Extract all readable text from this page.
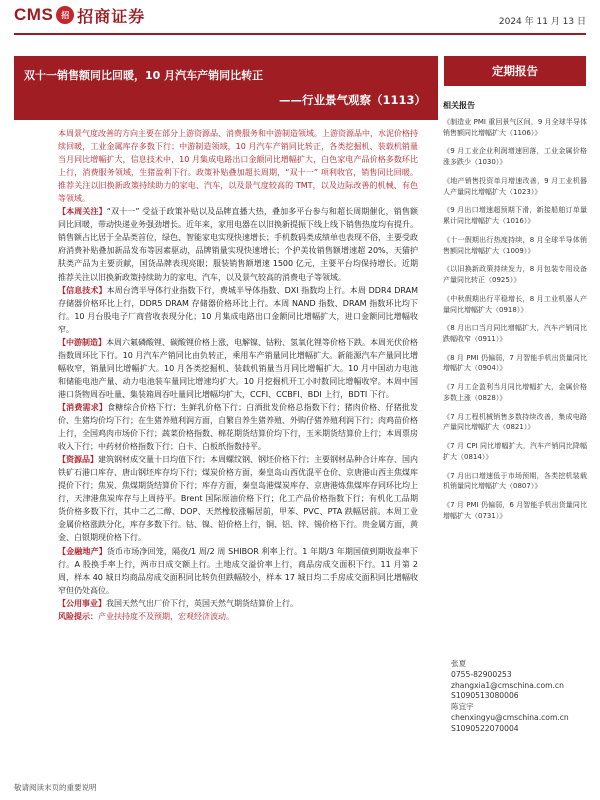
CMS 招 招商证券	2024 年 11 月 13 日
双十一销售额同比回暖，10 月汽车产销同比转正
——行业景气观察（1113）
定期报告

本周景气度改善的方向主要在部分上游资源品、消费服务和中游制造领域。上游资源品中，水泥价格持续回暖，工业金属库存多数下行；中游制造领域，10 月汽车产销同比转正，各类挖掘机、装载机销量当月同比增幅扩大，信息技术中，10 月集成电路出口金额同比增幅扩大，白色家电产品价格多数环比上行，消费服务领域，生猪盈利下行。政策补贴叠加超长周期，“双十一” 项利收官，销售同比回暖。推荐关注以旧换新政策持续助力的家电、汽车，以及景气度较高的 TMT，以及边际改善的机械、有色等领域。

【本周关注】“双十一” 受益于政策补贴以及品牌直播大热，叠加多平台参与和超长周期催化，销售额同比回暖，带动快递业务强劲增长。近年来，家用电器在以旧换新提振下线上线下销售热度均有提升。销售额占比居于全品类首位，绿色、智能家电实现快速增长；手机数码类成绩单也表现不俗，主要受政府消费补贴叠加新品发布等因素驱动，品牌销量实现快速增长；个护美妆销售额增速超 20%，天猫护肤类产品为主要贡献，国货品牌表现亮眼；服装销售额增速 1500 亿元，主要平台均保持增长。近期推荐关注以旧换新政策持续助力的家电、汽车，以及景气较高的消费电子等领域。

【信息技术】本周台湾半导体行业指数下行，费城半导体指数、DXI 指数均上行。本周 DDR4 DRAM 存储器价格环比上行，DDR5 DRAM 存储器价格环比上行。本周 NAND 指数、DRAM 指数环比均下行。10 月台股电子厂商营收表现分化；10 月集成电路出口金额同比增幅扩大，进口金额同比增幅收窄。

【中游制造】本周六氟磷酸锂、碳酸锂价格上涨，电解镍、钴粉、氢氧化锂等价格下跌。本周光伏价格指数周环比下行。10 月汽车产销同比由负转正，乘用车产销量同比增幅扩大。新能源汽车产量同比增幅收窄，销量同比增幅扩大。10 月各类挖掘机、装载机销量当月同比增幅扩大。10 月中国动力电池和储能电池产量、动力电池装车量同比增速均扩大。10 月挖掘机开工小时数同比增幅收窄。本周中国港口货物周吞吐量、集装箱周吞吐量同比增幅均扩大，CCFI、CCBFI、BDI 上行，BDTI 下行。

【消费需求】食糖综合价格下行；生鲜乳价格下行；白酒批发价格总指数下行；猪肉价格、仔猪批发价、生猪均价均下行；在生猪养殖利润方面，自繁自养生猪养殖、外购仔猪养殖利润下行；肉鸡苗价格上行，全国鸡肉市场价下行；蔬菜价格指数、棉花期货结算价均下行，玉米期货结算价上行；本周票房收入下行；中药材价格指数下行；白卡、白板纸指数持平。

【资源品】建筑钢材成交量十日均值下行；本周螺纹钢、钢坯价格下行；主要钢材品种合计库存、国内铁矿石港口库存、唐山钢坯库存均下行；煤炭价格方面，秦皇岛山西优混平仓价、京唐港山西主焦煤库提价下行；焦炭、焦煤期货结算价下行；库存方面，秦皇岛港煤炭库存、京唐港炼焦煤库存同环比均上行，天津港焦炭库存与上周持平。Brent 国际原油价格下行；化工产品价格指数下行；有机化工品期货价格多数下行，其中二乙二醇、DOP、天然橡胶涨幅居前，甲苯、PVC、PTA 跌幅居前。本周工业金属价格涨跌分化，库存多数下行。钴、镍、铅价格上行，铜、铝、锌、锡价格下行。贵金属方面，黄金、白银期现价格下行。

【金融地产】货币市场净回笼，隔夜/1 周/2 周 SHIBOR 利率上行。1 年期/3 年期国债到期收益率下行。A 股换手率上行，两市日成交额上行。土地成交溢价率上行，商品房成交面积下行。11 月第 2 周，样本 40 城日均商品房成交面积同比转负但跌幅较小，样本 17 城日均二手房成交面积同比增幅收窄但仍处高位。

【公用事业】我国天然气出厂价下行，英国天然气期货结算价上行。

风险提示：产业扶持度不及预期，宏观经济波动。

相关报告
《 制造业 PMI 重回景气区间，9 月全球半导体销售额同比增幅扩大（1106） 》
《 9 月工业企业利润增速回落，工业金属价格涨多跌少（1030） 》
《 地产销售投资单月增速改善，9 月工业机器人产量同比增幅扩大（1023） 》
《 9 月出口增速超预期下滑，新接船舶订单量累计同比增幅扩大（1016） 》
《 十一假期出行热度持续，8 月全球半导体销售额同比增幅扩大（1009） 》
《 以旧换新政策持续发力，8 月包装专用设备产量同比转正（0925） 》
《 中秋假期出行平稳增长，8 月工业机器人产量同比增幅扩大（0918） 》
《 8 月出口当月同比增幅扩大，汽车产销同比跌幅收窄（0911） 》
《 8 月 PMI 仍偏弱，7 月智能手机出货量同比增幅扩大（0904） 》
《 7 月工企盈利当月同比增幅扩大，金属价格多数上涨（0828） 》
《 7 月工程机械销售多数持续改善，集成电路产量同比增幅扩大（0821） 》
《 7 月 CPI 同比增幅扩大，汽车产销同比降幅扩大（0814） 》
《 7 月出口增速低于市场预期，各类挖机装载机销量同比增幅扩大（0807） 》
《 7 月 PMI 仍偏弱，6 月智能手机出货量同比增幅扩大（0731） 》
张夏
0755-82900253
zhangxia1@cmschina.com.cn
S1090513080006
陈宜宇
chenxingyu@cmschina.com.cn
S1090522070004
敬请阅读末页的重要说明
